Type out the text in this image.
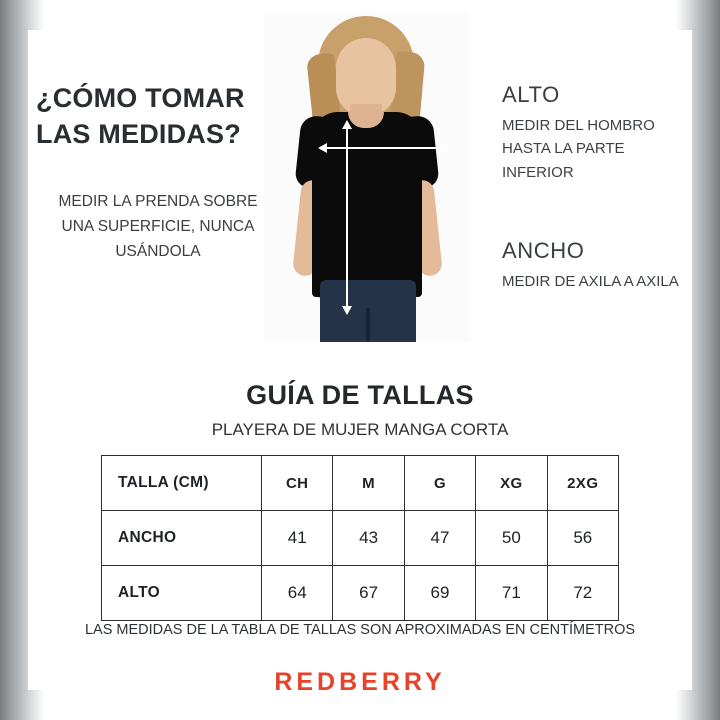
¿CÓMO TOMAR LAS MEDIDAS?
MEDIR LA PRENDA SOBRE UNA SUPERFICIE, NUNCA USÁNDOLA
ALTO
MEDIR DEL HOMBRO HASTA LA PARTE INFERIOR
ANCHO
MEDIR DE AXILA A AXILA
GUÍA DE TALLAS
PLAYERA DE MUJER MANGA CORTA
TALLA (CM)	CH	M	G	XG	2XG
ANCHO	41	43	47	50	56
ALTO	64	67	69	71	72
LAS MEDIDAS DE LA TABLA DE TALLAS SON APROXIMADAS EN CENTÍMETROS
REDBERRY
